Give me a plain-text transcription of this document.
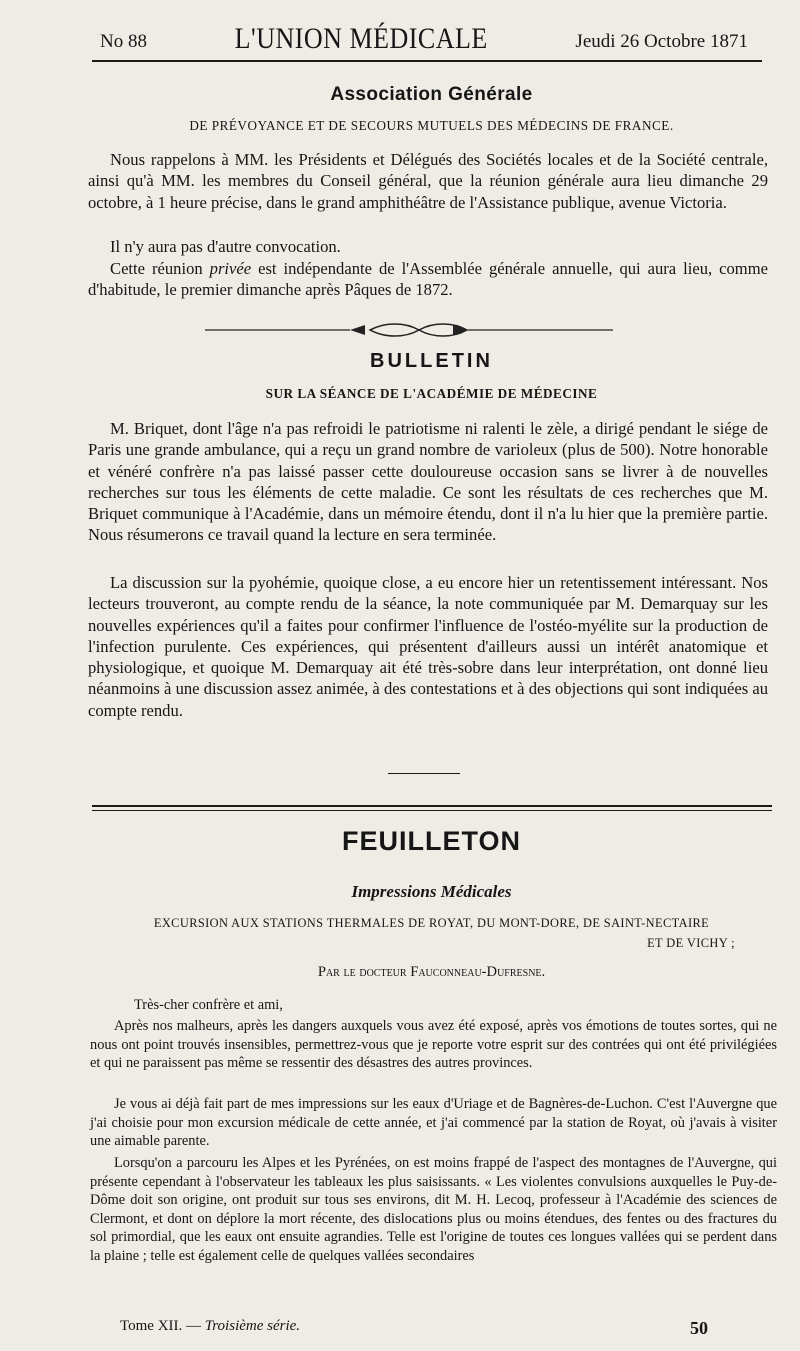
No 88	L'UNION MÉDICALE	Jeudi 26 Octobre 1871
Association Générale
DE PRÉVOYANCE ET DE SECOURS MUTUELS DES MÉDECINS DE FRANCE.

Nous rappelons à MM. les Présidents et Délégués des Sociétés locales et de la Société centrale, ainsi qu'à MM. les membres du Conseil général, que la réunion générale aura lieu dimanche 29 octobre, à 1 heure précise, dans le grand amphithéâtre de l'Assistance publique, avenue Victoria.

Il n'y aura pas d'autre convocation.

Cette réunion privée est indépendante de l'Assemblée générale annuelle, qui aura lieu, comme d'habitude, le premier dimanche après Pâques de 1872.

BULLETIN
SUR LA SÉANCE DE L'ACADÉMIE DE MÉDECINE

M. Briquet, dont l'âge n'a pas refroidi le patriotisme ni ralenti le zèle, a dirigé pendant le siége de Paris une grande ambulance, qui a reçu un grand nombre de varioleux (plus de 500). Notre honorable et vénéré confrère n'a pas laissé passer cette douloureuse occasion sans se livrer à de nouvelles recherches sur tous les éléments de cette maladie. Ce sont les résultats de ces recherches que M. Briquet communique à l'Académie, dans un mémoire étendu, dont il n'a lu hier que la première partie. Nous résumerons ce travail quand la lecture en sera terminée.

La discussion sur la pyohémie, quoique close, a eu encore hier un retentissement intéressant. Nos lecteurs trouveront, au compte rendu de la séance, la note communiquée par M. Demarquay sur les nouvelles expériences qu'il a faites pour confirmer l'influence de l'ostéo-myélite sur la production de l'infection purulente. Ces expériences, qui présentent d'ailleurs aussi un intérêt anatomique et physiologique, et quoique M. Demarquay ait été très-sobre dans leur interprétation, ont donné lieu néanmoins à une discussion assez animée, à des contestations et à des objections qui sont indiquées au compte rendu.

FEUILLETON
Impressions Médicales
EXCURSION AUX STATIONS THERMALES DE ROYAT, DU MONT-DORE, DE SAINT-NECTAIRE
ET DE VICHY ;
Par le docteur Fauconneau-Dufresne.

Très-cher confrère et ami,

Après nos malheurs, après les dangers auxquels vous avez été exposé, après vos émotions de toutes sortes, qui ne nous ont point trouvés insensibles, permettrez-vous que je reporte votre esprit sur des contrées qui ont été privilégiées et qui ne paraissent pas même se ressentir des désastres des autres provinces.

Je vous ai déjà fait part de mes impressions sur les eaux d'Uriage et de Bagnères-de-Luchon. C'est l'Auvergne que j'ai choisie pour mon excursion médicale de cette année, et j'ai commencé par la station de Royat, où j'avais à visiter une aimable parente.

Lorsqu'on a parcouru les Alpes et les Pyrénées, on est moins frappé de l'aspect des montagnes de l'Auvergne, qui présente cependant à l'observateur les tableaux les plus saisissants. « Les violentes convulsions auxquelles le Puy-de-Dôme doit son origine, ont produit sur tous ses environs, dit M. H. Lecoq, professeur à l'Académie des sciences de Clermont, et dont on déplore la mort récente, des dislocations plus ou moins étendues, des fentes ou des fractures du sol primordial, que les eaux ont ensuite agrandies. Telle est l'origine de toutes ces longues vallées qui se perdent dans la plaine ; telle est également celle de quelques vallées secondaires

Tome XII. — Troisième série.	50
